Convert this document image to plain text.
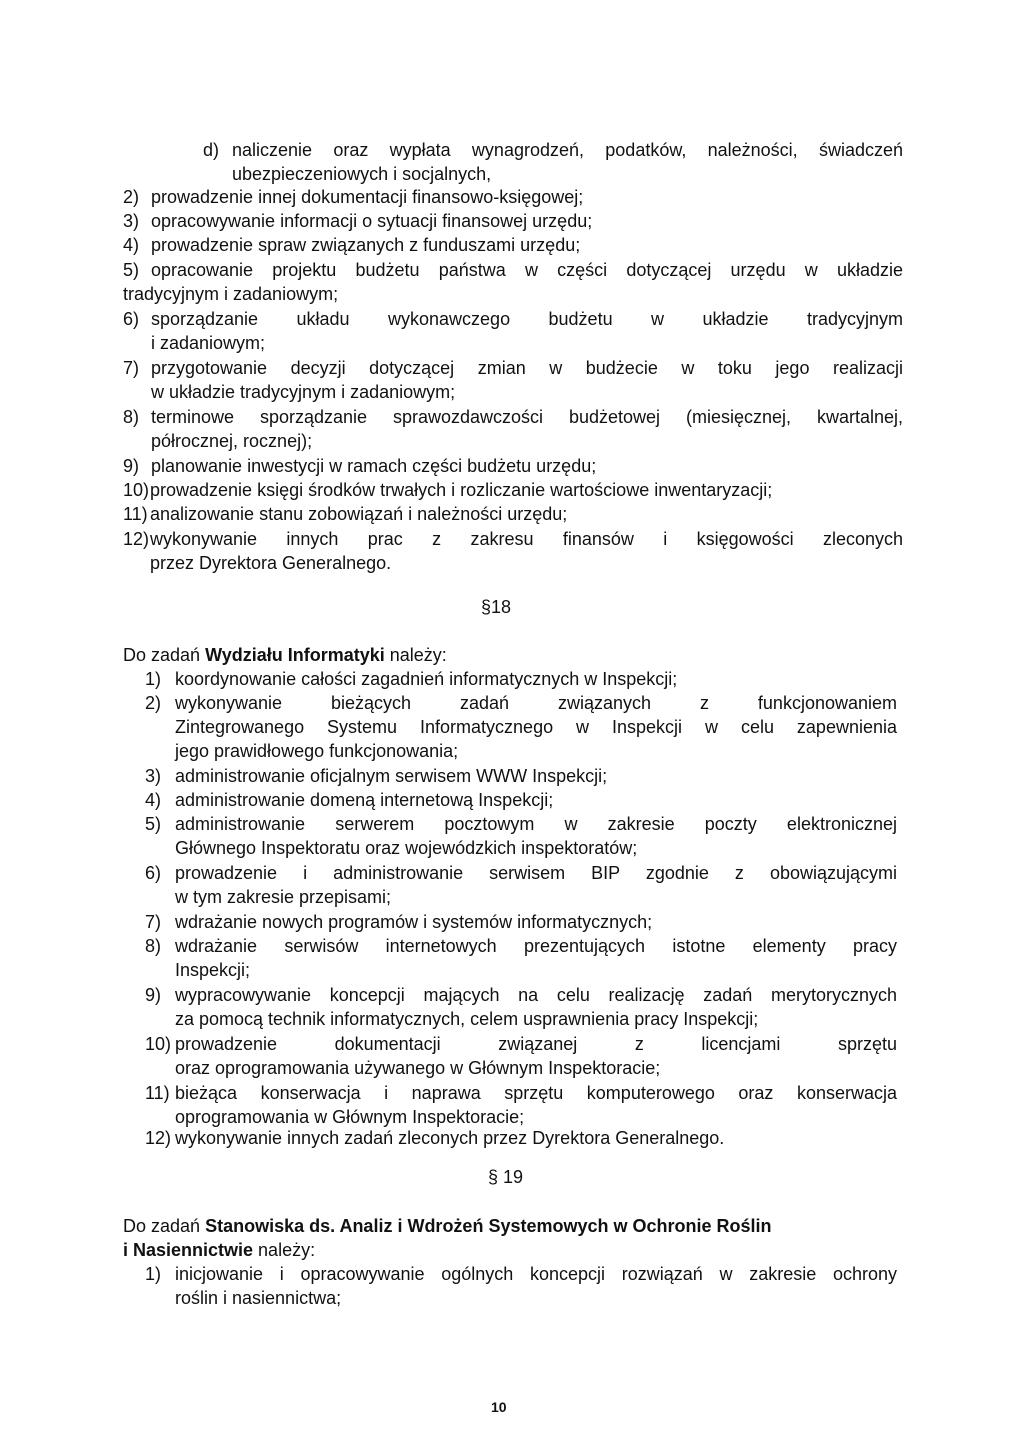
d) naliczenie oraz wypłata wynagrodzeń, podatków, należności, świadczeń
ubezpieczeniowych i socjalnych,
2) prowadzenie innej dokumentacji finansowo-księgowej;
3) opracowywanie informacji o sytuacji finansowej urzędu;
4) prowadzenie spraw związanych z funduszami urzędu;
5) opracowanie projektu budżetu państwa w części dotyczącej urzędu w układzie
tradycyjnym i zadaniowym;
6) sporządzanie układu wykonawczego budżetu w układzie tradycyjnym
i zadaniowym;
7) przygotowanie decyzji dotyczącej zmian w budżecie w toku jego realizacji
w układzie tradycyjnym i zadaniowym;
8) terminowe sporządzanie sprawozdawczości budżetowej (miesięcznej, kwartalnej,
półrocznej, rocznej);
9) planowanie inwestycji w ramach części budżetu urzędu;
10) prowadzenie księgi środków trwałych i rozliczanie wartościowe inwentaryzacji;
11) analizowanie stanu zobowiązań i należności urzędu;
12) wykonywanie innych prac z zakresu finansów i księgowości zleconych
przez Dyrektora Generalnego.
§18
Do zadań Wydziału Informatyki należy:
1) koordynowanie całości zagadnień informatycznych w Inspekcji;
2) wykonywanie bieżących zadań związanych z funkcjonowaniem
Zintegrowanego Systemu Informatycznego w Inspekcji w celu zapewnienia
jego prawidłowego funkcjonowania;
3) administrowanie oficjalnym serwisem WWW Inspekcji;
4) administrowanie domeną internetową Inspekcji;
5) administrowanie serwerem pocztowym w zakresie poczty elektronicznej
Głównego Inspektoratu oraz wojewódzkich inspektoratów;
6) prowadzenie i administrowanie serwisem BIP zgodnie z obowiązującymi
w tym zakresie przepisami;
7) wdrażanie nowych programów i systemów informatycznych;
8) wdrażanie serwisów internetowych prezentujących istotne elementy pracy
Inspekcji;
9) wypracowywanie koncepcji mających na celu realizację zadań merytorycznych
za pomocą technik informatycznych, celem usprawnienia pracy Inspekcji;
10) prowadzenie dokumentacji związanej z licencjami sprzętu
oraz oprogramowania używanego w Głównym Inspektoracie;
11) bieżąca konserwacja i naprawa sprzętu komputerowego oraz konserwacja
oprogramowania w Głównym Inspektoracie;
12) wykonywanie innych zadań zleconych przez Dyrektora Generalnego.
§ 19
Do zadań Stanowiska ds. Analiz i Wdrożeń Systemowych w Ochronie Roślin
i Nasiennictwie należy:
1) inicjowanie i opracowywanie ogólnych koncepcji rozwiązań w zakresie ochrony
roślin i nasiennictwa;
10
